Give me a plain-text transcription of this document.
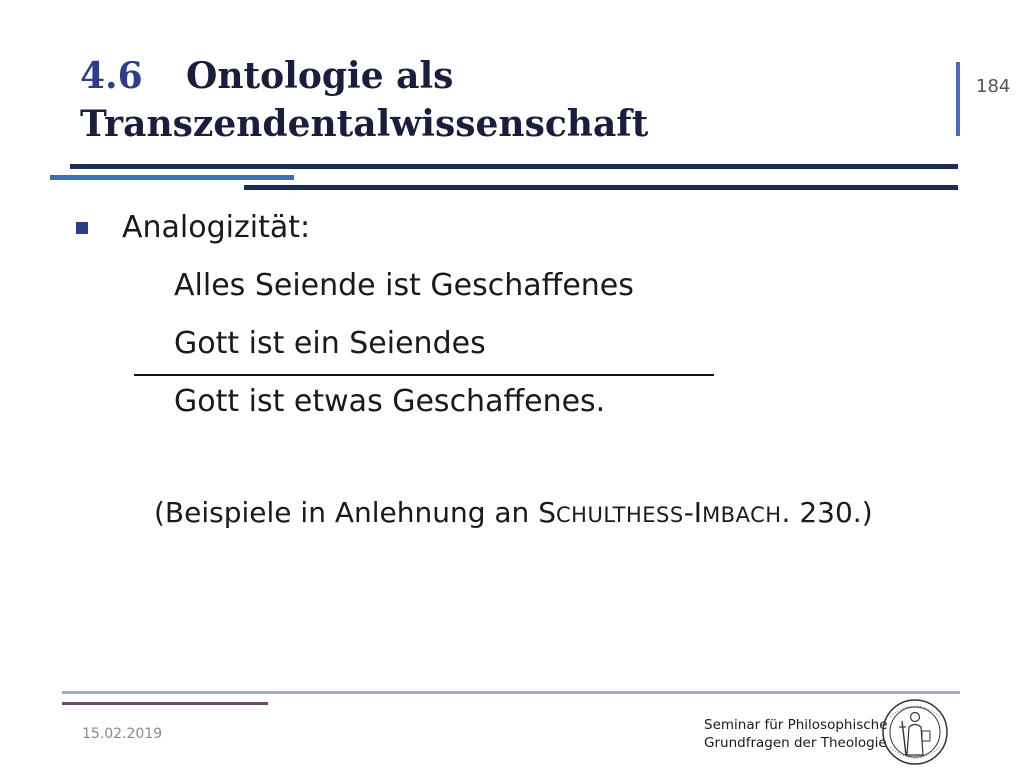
4.6 Ontologie als
Transzendentalwissenschaft
184
Analogizität:
Alles Seiende ist Geschaffenes
Gott ist ein Seiendes
Gott ist etwas Geschaffenes.
(Beispiele in Anlehnung an SCHULTHESS-IMBACH. 230.)
15.02.2019
Seminar für Philosophische
Grundfragen der Theologie
